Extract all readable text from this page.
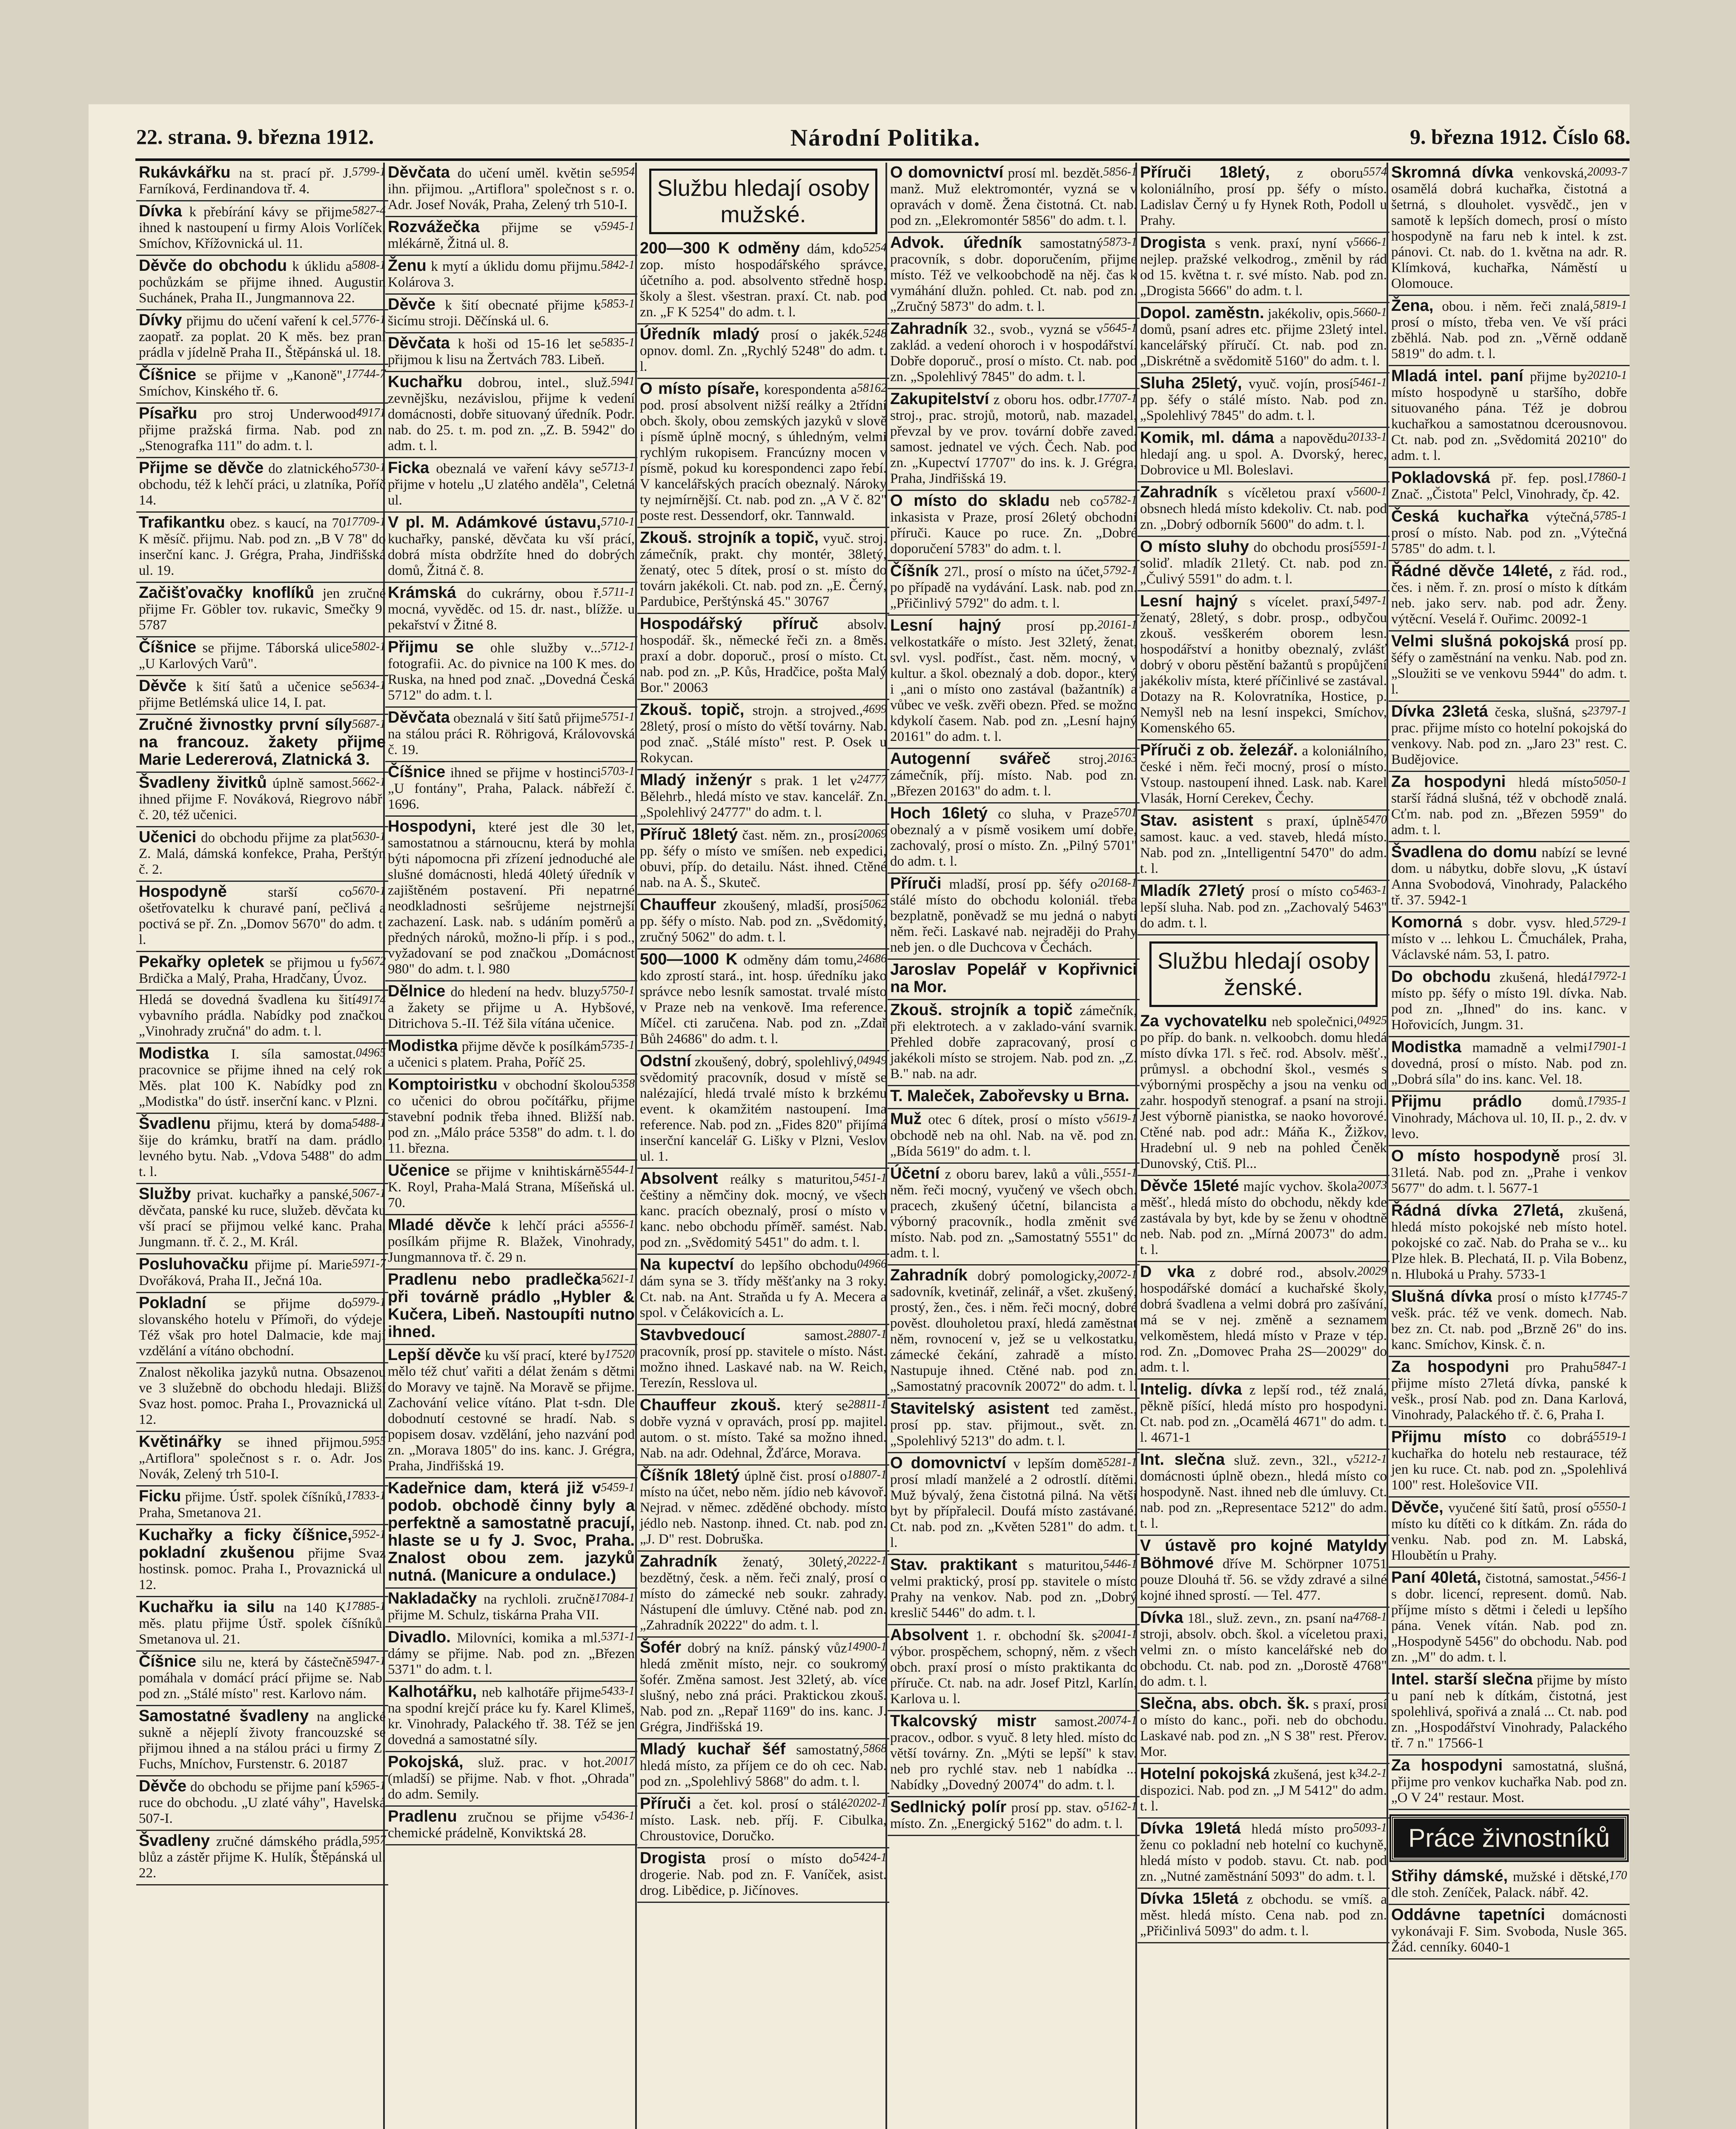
22. strana. 9. března 1912.	Národní Politika.	9. března 1912. Číslo 68.
5799-1
Rukávkářku na st. prací př. J. Farníková, Ferdinandova tř. 4.
5827-4
Dívka k přebírání kávy se přijme ihned k nastoupení u firmy Alois Vorlíček, Smíchov, Křížovnická ul. 11.
5808-1
Děvče do obchodu k úklidu a pochůzkám se přijme ihned. Augustin Suchánek, Praha II., Jungmannova 22.
5776-1
Dívky přijmu do učení vaření k cel. zaopatř. za poplat. 20 K měs. bez praní prádla v jídelně Praha II., Štěpánská ul. 18.
17744-7
Číšnice se přijme v „Kanoně", Smíchov, Kinského tř. 6.
49171
Písařku pro stroj Underwood přijme pražská firma. Nab. pod zn. „Stenografka 111" do adm. t. l.
5730-1
Přijme se děvče do zlatnického obchodu, též k lehčí práci, u zlatníka, Poříč 14.
17709-1
Trafikantku obez. s kaucí, na 70 K měsíč. přijmu. Nab. pod zn. „B V 78" do inserční kanc. J. Grégra, Praha, Jindřišská ul. 19.
Začišťovačky knoflíků jen zručné přijme Fr. Göbler tov. rukavic, Smečky 9. 5787
5802-1
Číšnice se přijme. Táborská ulice „U Karlových Varů".
5634-1
Děvče k šití šatů a učenice se přijme Betlémská ulice 14, I. pat.
5687-1
Zručné živnostky první síly na francouz. žakety přijme Marie Ledererová, Zlatnická 3.
5662-1
Švadleny živitků úplně samost. ihned přijme F. Nováková, Riegrovo nábř. č. 20, též učenici.
5630-1
Učenici do obchodu přijme za plat Z. Malá, dámská konfekce, Praha, Perštýn č. 2.
5670-1
Hospodyně	starší co ošetřovatelku k churavé paní, pečlivá a poctivá se př. Zn. „Domov 5670" do adm. t. l.
5672
Pekařky opletek se přijmou u fy Brdička a Malý, Praha, Hradčany, Úvoz.
49174
Hledá se dovedná švadlena ku šití vybavního prádla. Nabídky pod značkou „Vinohrady zručná" do adm. t. l.
04965
Modistka I. síla samostat. pracovnice se přijme ihned na celý rok. Měs. plat 100 K. Nabídky pod zn. „Modistka" do ústř. inserční kanc. v Plzni.
5488-1
Švadlenu přijmu, která by doma šije do krámku, bratří na dam. prádlo, levného bytu. Nab. „Vdova 5488" do adm. t. l.
5067-1
Služby privat. kuchařky a panské, děvčata, panské ku ruce, služeb. děvčata ku vší prací se přijmou velké kanc. Praha, Jungmann. tř. č. 2., M. Král.
5971-7
Posluhovačku přijme pí. Marie Dvořáková, Praha II., Ječná 10a.
5979-1
Pokladní se přijme do slovanského hotelu v Přímoři, do výdeje. Též však pro hotel Dalmacie, kde mají vzdělání a vítáno obchodní.
Znalost několika jazyků nutna. Obsazenou ve 3 služebně do obchodu hledaji. Bližší Svaz host. pomoc. Praha I., Provaznická ul. 12.
5955
Květinářky se ihned přijmou. „Artiflora" společnost s r. o. Adr. Jos. Novák, Zelený trh 510-I.
17833-1
Ficku přijme. Ústř. spolek číšníků, Praha, Smetanova 21.
5952-1
Kuchařky a ficky číšnice, pokladní zkušenou přijme Svaz hostinsk. pomoc. Praha I., Provaznická ul. 12.
17885-1
Kuchařku ia silu na 140 K měs. platu přijme Ústř. spolek číšníků, Smetanova ul. 21.
5947-1
Číšnice silu ne, která by částečně pomáhala v domácí prácí přijme se. Nab. pod zn. „Stálé místo" rest. Karlovo nám.
Samostatné švadleny na anglické sukně a nějeplí životy francouzské se přijmou ihned a na stálou práci u firmy Z. Fuchs, Mníchov, Furstenstr. 6. 20187
5965-1
Děvče do obchodu se přijme paní k ruce do obchodu. „U zlaté váhy", Havelská 507-I.
5957
Švadleny zručné dámského prádla, blůz a zástěr přijme K. Hulík, Štěpánská ul. 22.
5954
Děvčata do učení uměl. květin se ihn. přijmou. „Artiflora" společnost s r. o. Adr. Josef Novák, Praha, Zelený trh 510-I.
5945-1
Rozvážečka přijme se v mlékárně, Žitná ul. 8.
5842-1
Ženu k mytí a úklidu domu přijmu. Kolárova 3.
5853-1
Děvče k šití obecnaté přijme k šicímu stroji. Děčínská ul. 6.
5835-1
Děvčata k hoši od 15-16 let se přijmou k lisu na Žertvách 783. Libeň.
5941
Kuchařku dobrou, intel., služ. zevnějšku, nezávislou, přijme k vedení domácnosti, dobře situovaný úředník. Podr. nab. do 25. t. m. pod zn. „Z. B. 5942" do adm. t. l.
5713-1
Ficka obeznalá ve vaření kávy se přijme v hotelu „U zlatého anděla", Celetná ul.
5710-1
V pl. M. Adámkové ústavu, kuchařky, panské, děvčata ku vší prácí, dobrá místa obdržíte hned do dobrých domů, Žitná č. 8.
5711-1
Krámská do cukrárny, obou ř. mocná, vyvěděc. od 15. dr. nast., blížže. u pekařství v Žitné 8.
5712-1
Přijmu se ohle služby v... fotografii. Ac. do pivnice na 100 K mes. do Ruska, na hned pod znač. „Dovedná Česká 5712" do adm. t. l.
5751-1
Děvčata obeznalá v šití šatů přijme na stálou práci R. Röhrigová, Královovská č. 19.
5703-1
Číšnice ihned se přijme v hostinci „U fontány", Praha, Palack. nábřeží č. 1696.
Hospodyni, které jest dle 30 let, samostatnou a stárnoucnu, která by mohla býti nápomocna při zřízení jednoduché ale slušné domácnosti, hledá 40letý úředník v zajištěném postavení. Při nepatrné neodkladnosti sešrůjeme nejstrnejší zachazení. Lask. nab. s udáním poměrů a předných nároků, možno-li příp. i s pod., vyžadovaní se pod značkou „Domácnost 980" do adm. t. l. 980
5750-1
Dělnice do hledení na hedv. bluzy a žakety se přijme u A. Hybšové, Ditrichova 5.-II. Též šila vítána učenice.
5735-1
Modistka přijme děvče k posílkám a učenici s platem. Praha, Poříč 25.
5358
Komptoiristku v obchodní školou co učenici do obrou počítářku, přijme stavební podnik třeba ihned. Bližší nab. pod zn. „Málo práce 5358" do adm. t. l. do 11. března.
5544-1
Učenice se přijme v knihtiskárně K. Royl, Praha-Malá Strana, Míšeňská ul. 70.
5556-1
Mladé děvče k lehčí práci a posílkám přijme R. Blažek, Vinohrady, Jungmannova tř. č. 29 n.
5621-1
Pradlenu nebo pradlečka při továrně prádlo „Hybler & Kučera, Libeň. Nastoupíti nutno ihned.
17520
Lepší děvče ku vší prací, které by mělo též chuť vařiti a délat ženám s dětmi do Moravy ve tajně. Na Moravě se přijme. Zachování velice vítáno. Plat t-sdn. Dle dobodnutí cestovné se hradí. Nab. s popisem dosav. vzdělání, jeho nazvání pod zn. „Morava 1805" do ins. kanc. J. Grégra, Praha, Jindřišská 19.
5459-1
Kadeřnice dam, která již v podob. obchodě činny byly a perfektně a samostatně pracují, hlaste se u fy J. Svoc, Praha. Znalost obou zem. jazyků nutná. (Manicure a ondulace.)
17084-1
Nakladačky na rychloli. zručně přijme M. Schulz, tiskárna Praha VII.
5371-1
Divadlo. Milovníci, komika a ml. dámy se přijme. Nab. pod zn. „Březen 5371" do adm. t. l.
5433-1
Kalhotářku, neb kalhotáře přijme na spodní krejčí práce ku fy. Karel Klimeš, kr. Vinohrady, Palackého tř. 38. Též se jen dovedná a samostatné síly.
20017
Pokojská, služ. prac. v hot. (mladší) se přijme. Nab. v fhot. „Ohrada" do adm. Semily.
5436-1
Pradlenu zručnou se přijme v chemické prádelně, Konviktská 28.
Službu hledají osoby mužské.
5254
200—300 K odměny dám, kdo zop. místo hospodářského správce, účetního a. pod. absolvento středně hosp. školy a šlest. všestran. praxí. Ct. nab. pod zn. „F K 5254" do adm. t. l.
5248
Úředník mladý prosí o jakék. opnov. doml. Zn. „Rychlý 5248" do adm. t. l.
58162
O místo písaře, korespondenta a pod. prosí absolvent nižší reálky a 2třídní obch. školy, obou zemských jazyků v slově i písmě úplně mocný, s úhledným, velmi rychlým rukopisem. Francúzny mocen v písmě, pokud ku korespondenci zapo řebí. V kancelářských pracích obeznalý. Nároky ty nejmírnější. Ct. nab. pod zn. „A V č. 82" poste rest. Dessendorf, okr. Tannwald.
Zkouš. strojník a topič, vyuč. stroj. zámečník, prakt. chy montér, 38letý, ženatý, otec 5 dítek, prosí o st. místo do továrn jakékoli. Ct. nab. pod zn. „E. Černý, Pardubice, Perštýnská 45." 30767
Hospodářský příruč absolv. hospodář. šk., německé řeči zn. a 8měs. praxí a dobr. doporuč., prosí o místo. Ct. nab. pod zn. „P. Kůs, Hradčice, pošta Malý Bor." 20063
4699
Zkouš. topič, strojn. a strojved., 28letý, prosí o místo do větší továrny. Nab. pod znač. „Stálé místo" rest. P. Osek u Rokycan.
24777
Mladý inženýr s prak. 1 let v Bělehrb., hledá místo ve stav. kancelář. Zn. „Spolehlivý 24777" do adm. t. l.
20069
Příruč 18letý čast. něm. zn., prosí pp. šéfy o místo ve smíšen. neb expedici, obuvi, příp. do detailu. Nást. ihned. Ctěné nab. na A. Š., Skuteč.
5062
Chauffeur zkoušený, mladší, prosí pp. šéfy o místo. Nab. pod zn. „Svědomitý, zručný 5062" do adm. t. l.
24686
500—1000 K odměny dám tomu, kdo zprostí stará., int. hosp. úředníku jako správce nebo lesník samostat. trvalé místo v Praze neb na venkově. Ima reference. Míčel. cti zaručena. Nab. pod zn. „Zdař Bůh 24686" do adm. t. l.
04949
Odstní zkoušený, dobrý, spolehlivý, svědomitý pracovník, dosud v místě se nalézající, hledá trvalé místo k brzkému event. k okamžitém nastoupení. Ima reference. Nab. pod zn. „Fides 820" přijímá inserční kancelář G. Lišky v Plzni, Veslov ul. 1.
5451-1
Absolvent reálky s maturitou, češtiny a němčiny dok. mocný, ve všech kanc. pracích obeznalý, prosí o místo v kanc. nebo obchodu příměř. samést. Nab. pod zn. „Svědomitý 5451" do adm. t. l.
04966
Na kupectví do lepšího obchodu dám syna se 3. třídy měšťanky na 3 roky. Ct. nab. na Ant. Straňda u fy A. Mecera a spol. v Čelákovicích a. L.
28807-1
Stavbvedoucí	samost. pracovník, prosí pp. stavitele o místo. Nást. možno ihned. Laskavé nab. na W. Reich, Terezín, Resslova ul.
28811-1
Chauffeur zkouš. který se dobře vyzná v opravách, prosí pp. majitel. autom. o st. místo. Také sa možno ihned. Nab. na adr. Odehnal, Žďárce, Morava.
18807-1
Číšník 18letý úplně čist. prosí o místo na účet, nebo něm. jídio neb kávovoř. Nejrad. v němec. zděděné obchody. místo jédlo neb. Nastonp. ihned. Ct. nab. pod zn. „J. D" rest. Dobruška.
20222-1
Zahradník ženatý, 30letý, bezdětný, česk. a něm. řeči znalý, prosí o místo do zámecké neb soukr. zahrady. Nástupení dle úmluvy. Ctěné nab. pod zn. „Zahradník 20222" do adm. t. l.
14900-1
Šofér dobrý na kníž. pánský vůz hledá změnit místo, nejr. co soukromý šofér. Změna samost. Jest 32letý, ab. více slušný, nebo zná práci. Praktickou zkouš. Nab. pod zn. „Repař 1169" do ins. kanc. J. Grégra, Jindřišská 19.
5868
Mladý kuchař šéf samostatný, hledá místo, za příjem ce do oh cec. Nab. pod zn. „Spolehlivý 5868" do adm. t. l.
20202-1
Příruči a čet. kol. prosí o stálé místo. Lask. neb. příj. F. Cibulka, Chroustovice, Doručko.
5424-1
Drogista prosí o místo do drogerie. Nab. pod zn. F. Vaníček, asist. drog. Libědice, p. Jičínoves.
5856-1
O domovnictví prosí ml. bezdět. manž. Muž elektromontér, vyzná se v opravách v domě. Žena čistotná. Ct. nab. pod zn. „Elekromontér 5856" do adm. t. l.
5873-1
Advok. úředník samostatný pracovník, s dobr. doporučením, přijme místo. Též ve velkoobchodě na něj. čas k vymáhání dlužn. pohled. Ct. nab. pod zn. „Zručný 5873" do adm. t. l.
5645-1
Zahradník 32., svob., vyzná se v zaklád. a vedení ohoroch i v hospodářství. Dobře doporuč., prosí o místo. Ct. nab. pod zn. „Spolehlivý 7845" do adm. t. l.
17707-1
Zakupitelství z oboru hos. odbr. stroj., prac. strojů, motorů, nab. mazadel, převzal by ve prov. tovární dobře zaved. samost. jednatel ve vých. Čech. Nab. pod zn. „Kupectví 17707" do ins. k. J. Grégra, Praha, Jindřišská 19.
5782-1
O místo do skladu neb co inkasista v Praze, prosí 26letý obchodní příruči. Kauce po ruce. Zn. „Dobré doporučení 5783" do adm. t. l.
5792-1
Číšník 27l., prosí o místo na účet, po případě na vydávání. Lask. nab. pod zn. „Přičinlivý 5792" do adm. t. l.
20161-1
Lesní hajný prosí pp. velkostatkáře o místo. Jest 32letý, ženat, svl. vysl. podříst., čast. něm. mocný, v kultur. a škol. obeznalý a dob. dopor., který i „ani o místo ono zastával (bažantník) a vůbec ve vešk. zvěři obezn. Před. se možno kdykolí časem. Nab. pod zn. „Lesní hajný 20161" do adm. t. l.
20163
Autogenní svářeč stroj. zámečník, příj. místo. Nab. pod zn. „Březen 20163" do adm. t. l.
5701
Hoch 16letý co sluha, v Praze obeznalý a v písmě vosikem umí dobře, zachovalý, prosí o místo. Zn. „Pilný 5701" do adm. t. l.
20168-1
Příruči mladší, prosí pp. šéfy o stálé místo do obchodu koloniál. třeba bezplatně, poněvadž se mu jedná o nabytí něm. řeči. Laskavé nab. nejraději do Prahy neb jen. o dle Duchcova v Čechách.
Jaroslav Popelář v Kopřivnici na Mor.
Zkouš. strojník a topič zámečník, při elektrotech. a v zaklado-vání svarnik. Přehled dobře zapracovaný, prosí o jakékoli místo se strojem. Nab. pod zn. „Z. B." nab. na adr.
T. Maleček, Zabořevsky u Brna.
5619-1
Muž otec 6 dítek, prosí o místo v obchodě neb na ohl. Nab. na vě. pod zn. „Bída 5619" do adm. t. l.
5551-1
Účetní z oboru barev, laků a vůli., něm. řeči mocný, vyučený ve všech obch. pracech, zkušený účetní, bilancista a výborný pracovník., hodla změnit své místo. Nab. pod zn. „Samostatný 5551" do adm. t. l.
20072-1
Zahradník dobrý pomologicky, sadovník, kvetinář, zelinář, a všet. zkušený, prostý, žen., čes. i něm. řeči mocný, dobré pověst. dlouholetou praxí, hledá zaměstnat něm, rovnocení v, jež se u velkostatku, zámecké čekání, zahradě a místo. Nastupuje ihned. Ctěné nab. pod zn. „Samostatný pracovník 20072" do adm. t. l.
Stavitelský asistent ted zaměst., prosí pp. stav. přijmout., svět. zn. „Spolehlivý 5213" do adm. t. l.
5281-1
O domovnictví v lepším domě prosí mladí manželé a 2 odrostlí. dítěmi. Muž bývalý, žena čistotná pilná. Na větší byt by přípřalecil. Doufá místo zastávané. Ct. nab. pod zn. „Květen 5281" do adm. t. l.
5446-1
Stav. praktikant s maturitou, velmi praktický, prosí pp. stavitele o místo Prahy na venkov. Nab. pod zn. „Dobrý kreslič 5446" do adm. t. l.
20041-1
Absolvent 1. r. obchodní šk. s výbor. prospěchem, schopný, něm. z všech obch. praxí prosí o místo praktikanta do příruče. Ct. nab. na adr. Josef Pitzl, Karlín, Karlova u. l.
20074-1
Tkalcovský mistr samost. pracov., odbor. s vyuč. 8 lety hled. místo do větší továrny. Zn. „Mýti se lepší" k stav. neb pro rychlé stav. neb 1 nabídka ... Nabídky „Dovedný 20074" do adm. t. l.
5162-1
Sedlnický polír prosí pp. stav. o místo. Zn. „Energický 5162" do adm. t. l.
5574
Příruči 18letý, z oboru koloniálního, prosí pp. šéfy o místo. Ladislav Černý u fy Hynek Roth, Podoll u Prahy.
5666-1
Drogista s venk. praxí, nyní v nejlep. pražské velkodrog., změnil by rád od 15. května t. r. své místo. Nab. pod zn. „Drogista 5666" do adm. t. l.
5660-1
Dopol. zaměstn. jakékoliv, opis. domů, psaní adres etc. přijme 23letý intel. kancelářský příručí. Ct. nab. pod zn. „Diskrétně a svědomitě 5160" do adm. t. l.
5461-1
Sluha 25letý, vyuč. vojín, prosí pp. šéfy o stálé místo. Nab. pod zn. „Spolehlivý 7845" do adm. t. l.
20133-1
Komik, ml. dáma a napovědu hledají ang. u spol. A. Dvorský, herec, Dobrovice u Ml. Boleslavi.
5600-1
Zahradník s vícěletou praxí v obsnech hledá místo kdekoliv. Ct. nab. pod zn. „Dobrý odborník 5600" do adm. t. l.
5591-1
O místo sluhy do obchodu prosí soliď. mladík 21letý. Ct. nab. pod zn. „Čulivý 5591" do adm. t. l.
5497-1
Lesní hajný s vícelet. praxí, ženatý, 28letý, s dobr. prosp., odbyčou zkouš. vesškerém oborem lesn. hospodářství a honitby obeznalý, zvlášť dobrý v oboru pěstění bažantů s propůjčení jakékoliv místa, které příčinlivé se zastával. Dotazy na R. Kolovratníka, Hostice, p. Nemyšl neb na lesní inspekci, Smíchov, Komenského 65.
Příruči z ob. železář. a koloniálního, české i něm. řeči mocný, prosí o místo. Vstoup. nastoupení ihned. Lask. nab. Karel Vlasák, Horní Cerekev, Čechy.
5470
Stav. asistent s praxí, úplně samost. kauc. a ved. staveb, hledá místo. Nab. pod zn. „Intelligentní 5470" do adm. t. l.
5463-1
Mladík 27letý prosí o místo co lepší sluha. Nab. pod zn. „Zachovalý 5463" do adm. t. l.
Službu hledají osoby ženské.
04925
Za vychovatelku neb společnici, po příp. do bank. n. velkoobch. domu hledá místo dívka 17l. s řeč. rod. Absolv. měšť., průmysl. a obchodní škol., vesmés s výbornými prospěchy a jsou na venku od zahr. hospodyň stenograf. a psaní na stroji. Jest výborně pianistka, se naoko hovorové. Ctěné nab. pod adr.: Máňa K., Žižkov, Hradební ul. 9 neb na pohled Čeněk Dunovský, Ctiš. Pl...
20073
Děvče 15leté majíc vychov. škola měšť., hledá místo do obchodu, někdy kde zastávala by byt, kde by se ženu v ohodtně neb. Nab. pod zn. „Mírná 20073" do adm. t. l.
20029
D vka z dobré rod., absolv. hospodářské domácí a kuchařské školy, dobrá švadlena a velmi dobrá pro zašívání, má se v nej. změně a seznamem velkoměstem, hledá místo v Praze v tép. rod. Zn. „Domovec Praha 2S—20029" do adm. t. l.
Intelig. dívka z lepší rod., též znalá, pěkně píšící, hledá místo pro hospodyni. Ct. nab. pod zn. „Ocamělá 4671" do adm. t. l. 4671-1
5212-1
Int. slečna služ. zevn., 32l., v domácnosti úplně obezn., hledá místo co hospodyně. Nast. ihned neb dle úmluvy. Ct. nab. pod zn. „Representace 5212" do adm. t. l.
V ústavě pro kojné Matyldy Böhmové dříve M. Schörpner 10751 pouze Dlouhá tř. 56. se vždy zdravé a silné kojné ihned sprostí. — Tel. 477.
4768-1
Dívka 18l., služ. zevn., zn. psaní na stroji, absolv. obch. škol. a víceletou praxi, velmi zn. o místo kancelářské neb do obchodu. Ct. nab. pod zn. „Dorostě 4768" do adm. t. l.
Slečna, abs. obch. šk. s praxí, prosí o místo do kanc., poři. neb do obchodu. Laskavé nab. pod zn. „N S 38" rest. Přerov. Mor.
34.2-1
Hotelní pokojská zkušená, jest k dispozici. Nab. pod zn. „J M 5412" do adm. t. l.
5093-1
Dívka 19letá hledá místo pro ženu co pokladní neb hotelní co kuchyně, hledá místo v podob. stavu. Ct. nab. pod zn. „Nutné zaměstnání 5093" do adm. t. l.
Dívka 15letá z obchodu. se vmíš. a měst. hledá místo. Cena nab. pod zn. „Přičinlivá 5093" do adm. t. l.
20093-7
Skromná dívka venkovská, osamělá dobrá kuchařka, čistotná a šetrná, s dlouholet. vysvědč., jen v samotě k lepších domech, prosí o místo hospodyně na faru neb k intel. k zst. pánovi. Ct. nab. do 1. května na adr. R. Klímková, kuchařka, Náměstí u Olomouce.
5819-1
Žena, obou. i něm. řeči znalá, prosí o místo, třeba ven. Ve vší práci zběhlá. Nab. pod zn. „Věrně oddaně 5819" do adm. t. l.
20210-1
Mladá intel. paní přijme by místo hospodyně u staršího, dobře situovaného pána. Též je dobrou kuchařkou a samostatnou dcerousnovou. Ct. nab. pod zn. „Svědomitá 20210" do adm. t. l.
17860-1
Pokladovská př. fep. posl. Znač. „Čistota" Pelcl, Vinohrady, čp. 42.
5785-1
Česká kuchařka výtečná, prosí o místo. Nab. pod zn. „Výtečná 5785" do adm. t. l.
Řádné děvče 14leté, z řád. rod., čes. i něm. ř. zn. prosí o místo k dítkám neb. jako serv. nab. pod adr. Ženy. výtěcní. Veselá ř. Ouřimc. 20092-1
Velmi slušná pokojská prosí pp. šéfy o zaměstnání na venku. Nab. pod zn. „Sloužiti se ve venkovu 5944" do adm. t. l.
23797-1
Dívka 23letá česka, slušná, s prac. přijme místo co hotelní pokojská do venkovy. Nab. pod zn. „Jaro 23" rest. C. Budějovice.
5050-1
Za hospodyni hledá místo starší řádná slušná, též v obchodě znalá. Cťm. nab. pod zn. „Březen 5959" do adm. t. l.
Švadlena do domu nabízí se levné dom. u nábytku, dobře slovu, „K ústaví Anna Svobodová, Vinohrady, Palackého tř. 37. 5942-1
5729-1
Komorná s dobr. vysv. hled. místo v ... lehkou L. Čmuchálek, Praha, Václavské nám. 53, I. patro.
17972-1
Do obchodu zkušená, hledá místo pp. šéfy o místo 19l. dívka. Nab. pod zn. „Ihned" do ins. kanc. v Hořovicích, Jungm. 31.
17901-1
Modistka mamadně a velmi dovedná, prosí o místo. Nab. pod zn. „Dobrá síla" do ins. kanc. Vel. 18.
17935-1
Přijmu prádlo domů. Vinohrady, Máchova ul. 10, II. p., 2. dv. v levo.
O místo hospodyně prosí 3l. 31letá. Nab. pod zn. „Prahe i venkov 5677" do adm. t. l. 5677-1
Řádná dívka 27letá, zkušená, hledá místo pokojské neb místo hotel. pokojské co zač. Nab. do Praha se v... ku Plze hlek. B. Plechatá, II. p. Vila Bobenz, n. Hluboká u Prahy. 5733-1
17745-7
Slušná dívka prosí o místo k vešk. prác. též ve venk. domech. Nab. bez zn. Ct. nab. pod „Brzně 26" do ins. kanc. Smíchov, Kinsk. č. n.
5847-1
Za hospodyni pro Prahu přijme místo 27letá dívka, panské k vešk., prosí Nab. pod zn. Dana Karlová, Vinohrady, Palackého tř. č. 6, Praha I.
5519-1
Přijmu místo co dobrá kuchařka do hotelu neb restaurace, též jen ku ruce. Ct. nab. pod zn. „Spolehlivá 100" rest. Holešovice VII.
5550-1
Děvče, vyučené šití šatů, prosí o místo ku dítěti co k dítkám. Zn. ráda do venku. Nab. pod zn. M. Labská, Hloubětín u Prahy.
5456-1
Paní 40letá, čistotná, samostat., s dobr. licencí, represent. domů. Nab. příjme místo s dětmi i čeledi u lepšího pána. Venek vítán. Nab. pod zn. „Hospodyně 5456" do obchodu. Nab. pod zn. „M" do adm. t. l.
Intel. starší slečna přijme by místo u paní neb k dítkám, čistotná, jest spolehlivá, spořivá a znalá ... Ct. nab. pod zn. „Hospodářství Vinohrady, Palackého tř. 7 n." 17566-1
Za hospodyni samostatná, slušná, přijme pro venkov kuchařka Nab. pod zn. „O V 24" restaur. Most.
Práce živnostníků
170
Střihy dámské, mužské i dětské, dle stoh. Zeníček, Palack. nábř. 42.
Oddávne tapetníci domácnosti vykonávaji F. Sim. Svoboda, Nusle 365. Žád. cenníky. 6040-1
